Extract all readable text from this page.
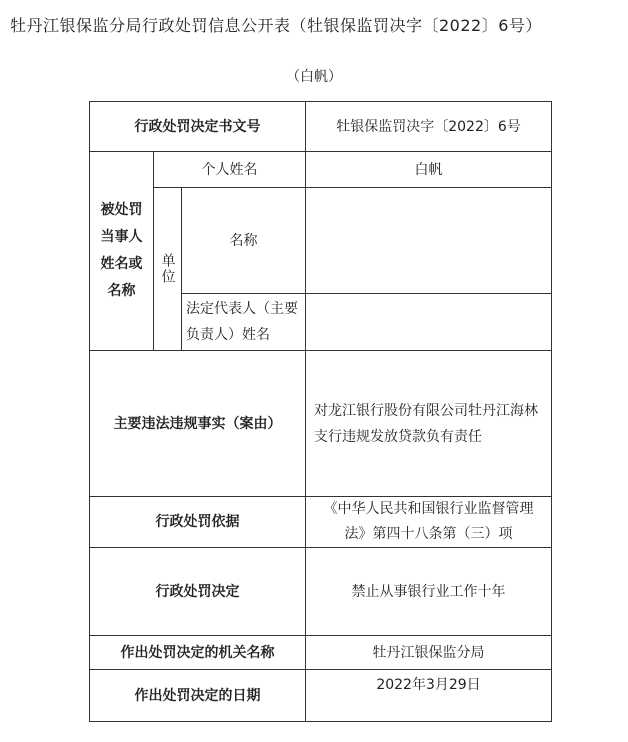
牡丹江银保监分局行政处罚信息公开表（牡银保监罚决字〔2022〕6号）
（白帆）
行政处罚决定书文号			牡银保监罚决字〔2022〕6号
被处罚当事人姓名或名称	个人姓名		白帆
	单位	名称	
		法定代表人（主要负责人）姓名	
主要违法违规事实（案由）			对龙江银行股份有限公司牡丹江海林支行违规发放贷款负有责任
行政处罚依据			《中华人民共和国银行业监督管理法》第四十八条第（三）项
行政处罚决定			禁止从事银行业工作十年
作出处罚决定的机关名称			牡丹江银保监分局
作出处罚决定的日期			2022年3月29日
